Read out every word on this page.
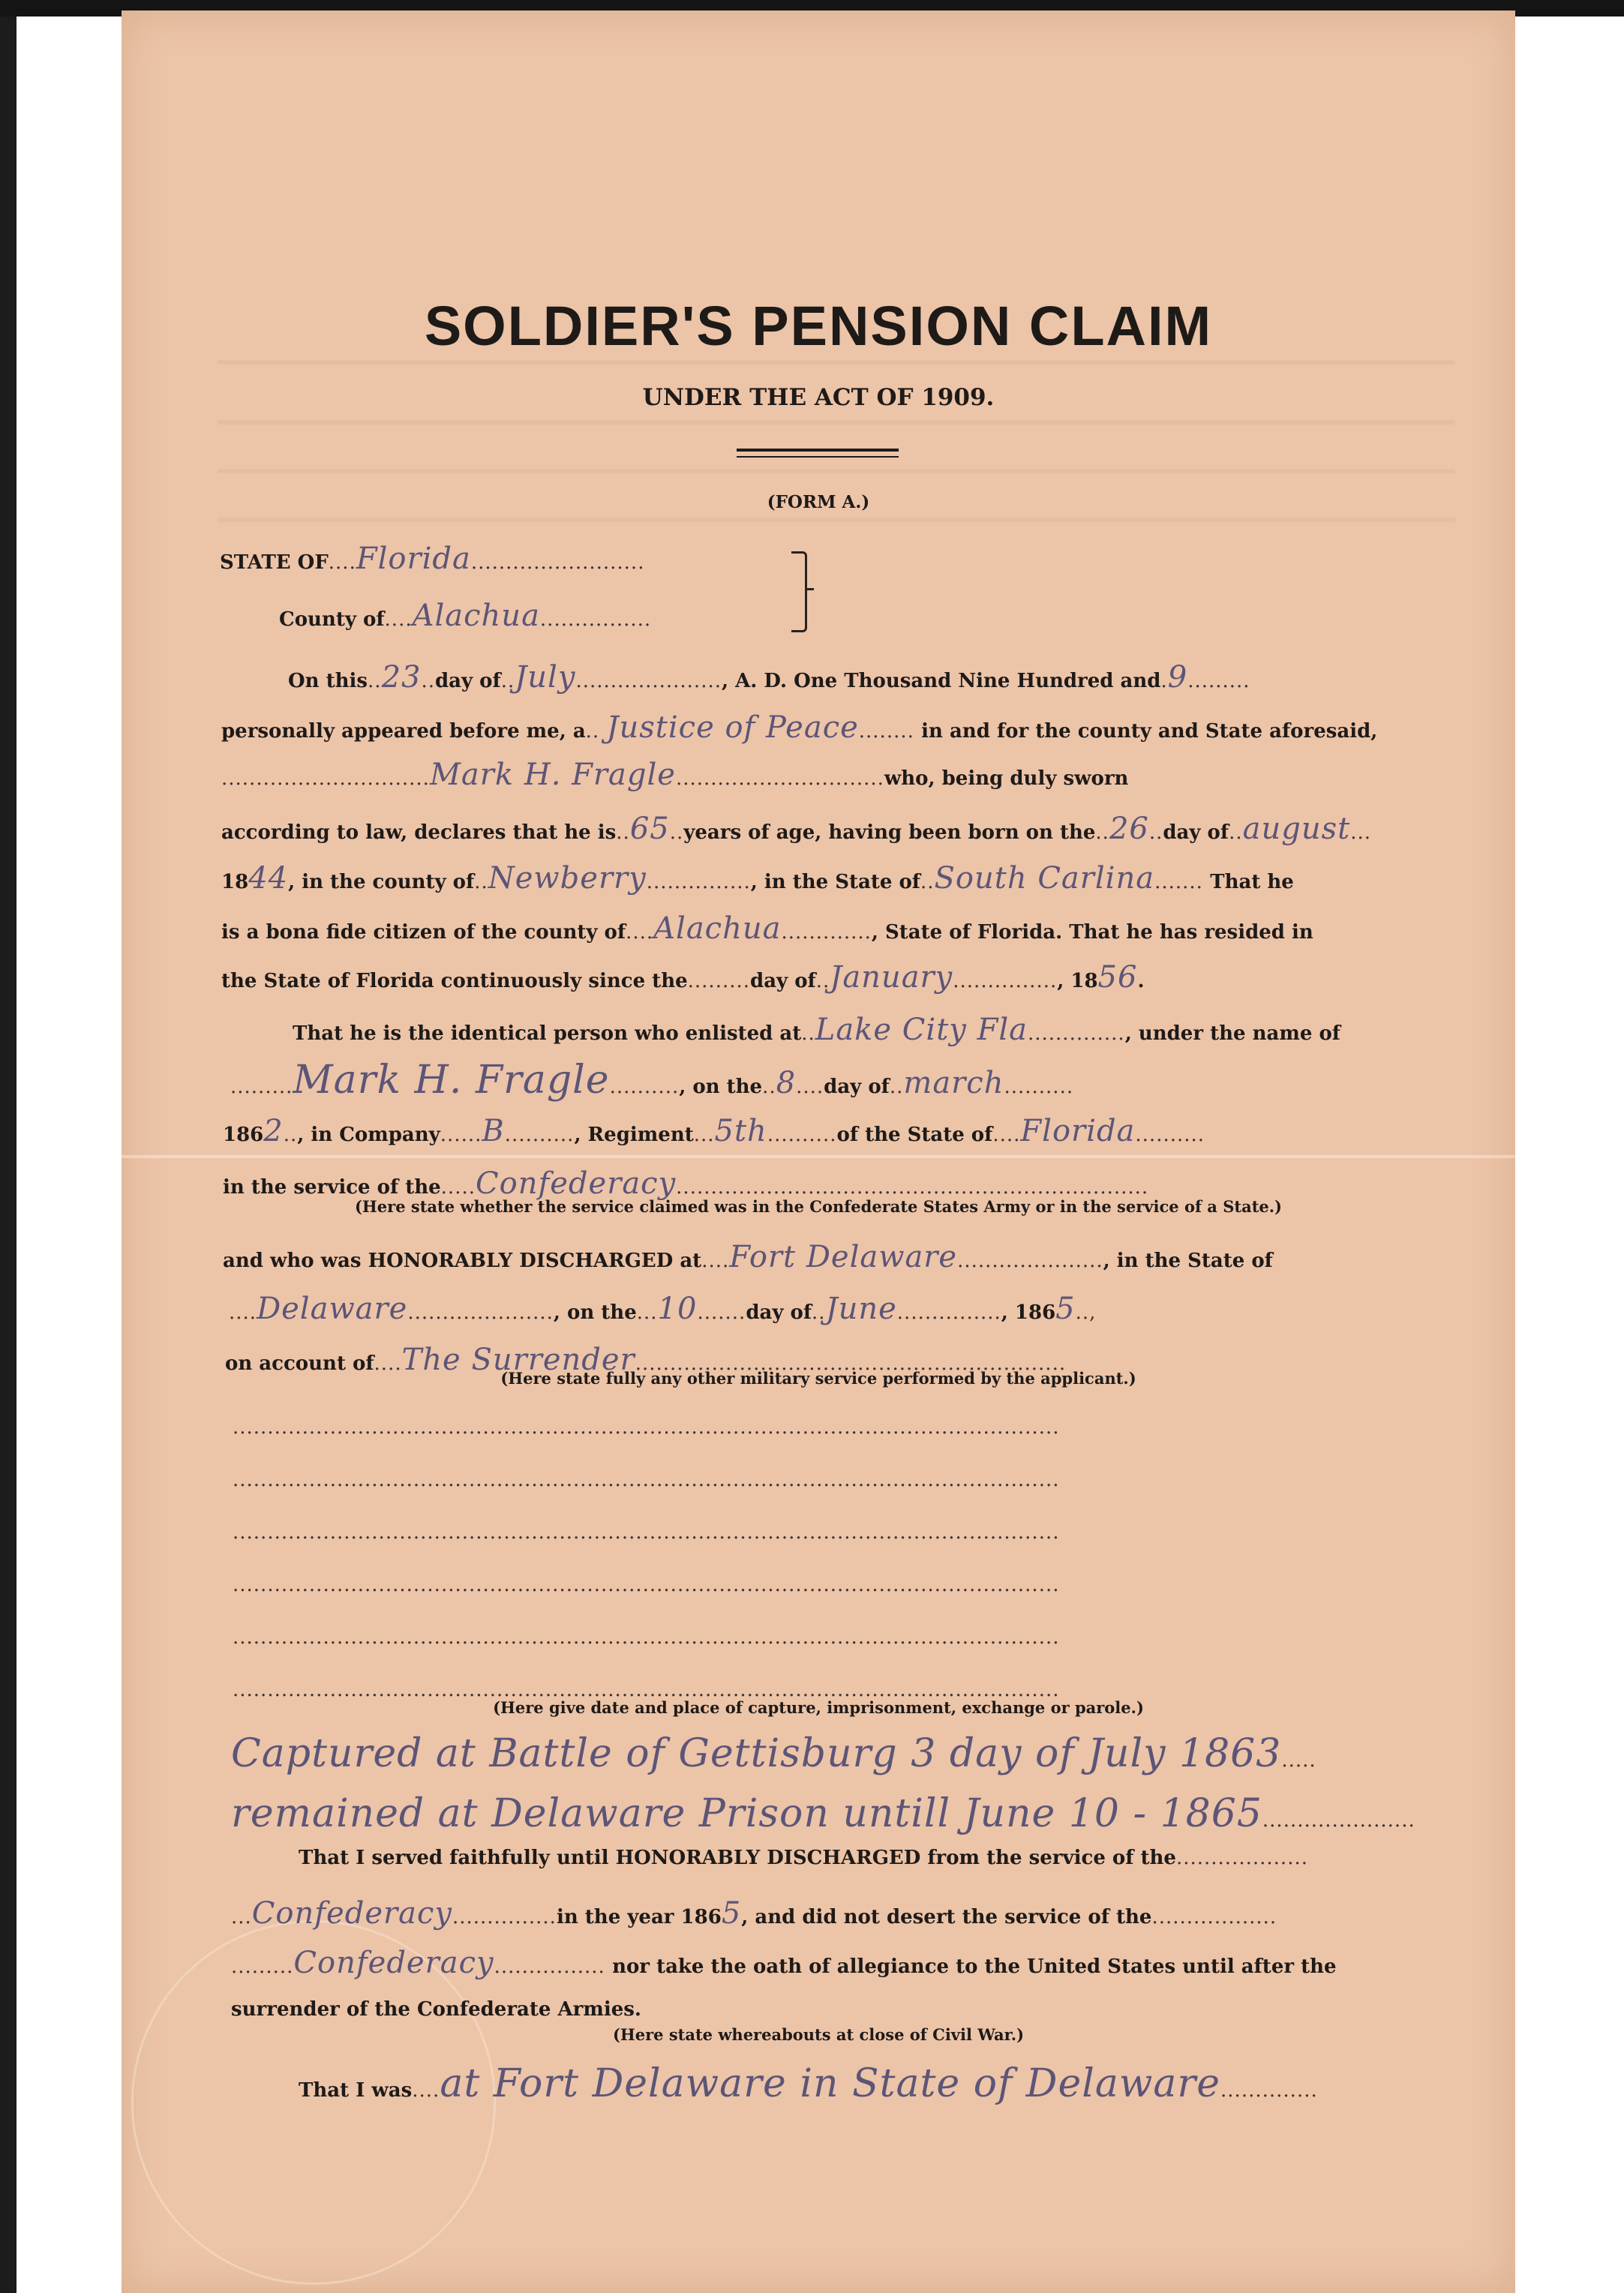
SOLDIER'S PENSION CLAIM
UNDER THE ACT OF 1909.
(FORM A.)
STATE OF....Florida.........................
County of....Alachua................
On this..23..day of..July....................., A. D. One Thousand Nine Hundred and.9.........
personally appeared before me, a.. Justice of Peace........ in and for the county and State aforesaid,
..............................Mark H. Fragle..............................who, being duly sworn
according to law, declares that he is..65..years of age, having been born on the..26..day of..august...
1844, in the county of..Newberry..............., in the State of..South Carlina....... That he
is a bona fide citizen of the county of....Alachua............., State of Florida. That he has resided in
the State of Florida continuously since the.........day of..January..............., 1856.
That he is the identical person who enlisted at..Lake City Fla.............., under the name of
.........Mark H. Fragle.........., on the..8....day of..march..........
1862.., in Company......B.........., Regiment...5th..........of the State of....Florida..........
in the service of the.....Confederacy....................................................................
(Here state whether the service claimed was in the Confederate States Army or in the service of a State.)
and who was HONORABLY DISCHARGED at....Fort Delaware....................., in the State of
....Delaware....................., on the...10.......day of..June..............., 1865..,
on account of....The Surrender..............................................................
(Here state fully any other military service performed by the applicant.)
.......................................................................................................................
.......................................................................................................................
.......................................................................................................................
.......................................................................................................................
.......................................................................................................................
.......................................................................................................................
(Here give date and place of capture, imprisonment, exchange or parole.)
Captured at Battle of Gettisburg 3 day of July 1863.....
remained at Delaware Prison untill June 10 - 1865......................
That I served faithfully until HONORABLY DISCHARGED from the service of the...................
...Confederacy...............in the year 1865, and did not desert the service of the..................
.........Confederacy................ nor take the oath of allegiance to the United States until after the
surrender of the Confederate Armies.
(Here state whereabouts at close of Civil War.)
That I was....at Fort Delaware in State of Delaware..............
